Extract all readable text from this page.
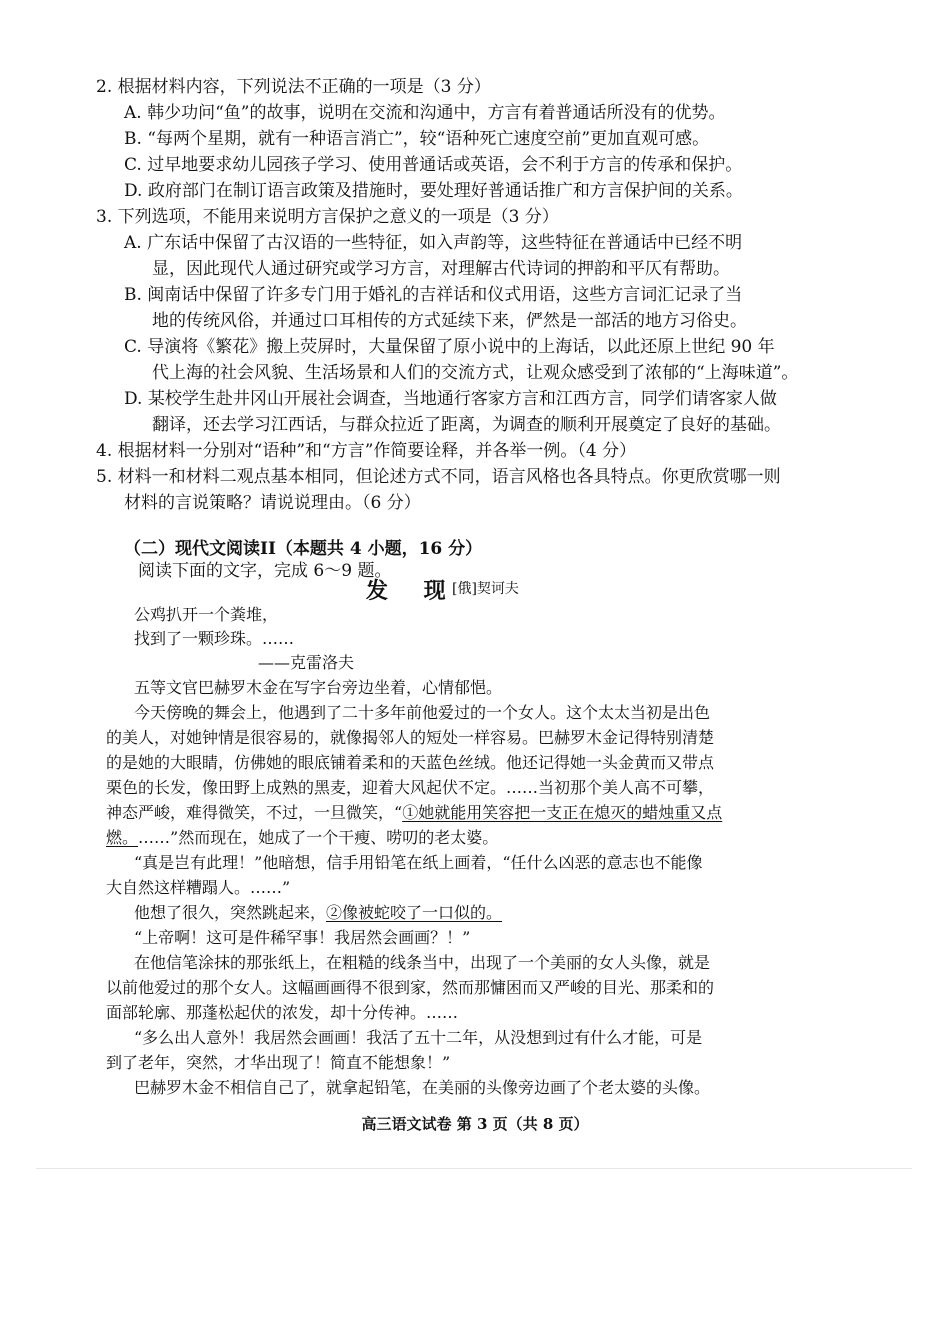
2. 根据材料内容，下列说法不正确的一项是（3 分）
A. 韩少功问“鱼”的故事，说明在交流和沟通中，方言有着普通话所没有的优势。
B. “每两个星期，就有一种语言消亡”，较“语种死亡速度空前”更加直观可感。
C. 过早地要求幼儿园孩子学习、使用普通话或英语，会不利于方言的传承和保护。
D. 政府部门在制订语言政策及措施时，要处理好普通话推广和方言保护间的关系。
3. 下列选项，不能用来说明方言保护之意义的一项是（3 分）
A. 广东话中保留了古汉语的一些特征，如入声韵等，这些特征在普通话中已经不明
显，因此现代人通过研究或学习方言，对理解古代诗词的押韵和平仄有帮助。
B. 闽南话中保留了许多专门用于婚礼的吉祥话和仪式用语，这些方言词汇记录了当
地的传统风俗，并通过口耳相传的方式延续下来，俨然是一部活的地方习俗史。
C. 导演将《繁花》搬上荧屏时，大量保留了原小说中的上海话，以此还原上世纪 90 年
代上海的社会风貌、生活场景和人们的交流方式，让观众感受到了浓郁的“上海味道”。
D. 某校学生赴井冈山开展社会调查，当地通行客家方言和江西方言，同学们请客家人做
翻译，还去学习江西话，与群众拉近了距离，为调查的顺利开展奠定了良好的基础。
4. 根据材料一分别对“语种”和“方言”作简要诠释，并各举一例。（4 分）
5. 材料一和材料二观点基本相同，但论述方式不同，语言风格也各具特点。你更欣赏哪一则
材料的言说策略？请说说理由。（6 分）
（二）现代文阅读II（本题共 4 小题，16 分）
阅读下面的文字，完成 6～9 题。
发 现
[俄]契诃夫
公鸡扒开一个粪堆，
找到了一颗珍珠。……
——克雷洛夫
五等文官巴赫罗木金在写字台旁边坐着，心情郁悒。
今天傍晚的舞会上，他遇到了二十多年前他爱过的一个女人。这个太太当初是出色
的美人，对她钟情是很容易的，就像揭邻人的短处一样容易。巴赫罗木金记得特别清楚
的是她的大眼睛，仿佛她的眼底铺着柔和的天蓝色丝绒。他还记得她一头金黄而又带点
栗色的长发，像田野上成熟的黑麦，迎着大风起伏不定。……当初那个美人高不可攀，
神态严峻，难得微笑，不过，一旦微笑，“①她就能用笑容把一支正在熄灭的蜡烛重又点
燃。……”然而现在，她成了一个干瘦、唠叨的老太婆。
“真是岂有此理！”他暗想，信手用铅笔在纸上画着，“任什么凶恶的意志也不能像
大自然这样糟蹋人。……”
他想了很久，突然跳起来，②像被蛇咬了一口似的。
“上帝啊！这可是件稀罕事！我居然会画画？！”
在他信笔涂抹的那张纸上，在粗糙的线条当中，出现了一个美丽的女人头像，就是
以前他爱过的那个女人。这幅画画得不很到家，然而那慵困而又严峻的目光、那柔和的
面部轮廓、那蓬松起伏的浓发，却十分传神。……
“多么出人意外！我居然会画画！我活了五十二年，从没想到过有什么才能，可是
到了老年，突然，才华出现了！简直不能想象！”
巴赫罗木金不相信自己了，就拿起铅笔，在美丽的头像旁边画了个老太婆的头像。
高三语文试卷 第 3 页（共 8 页）
